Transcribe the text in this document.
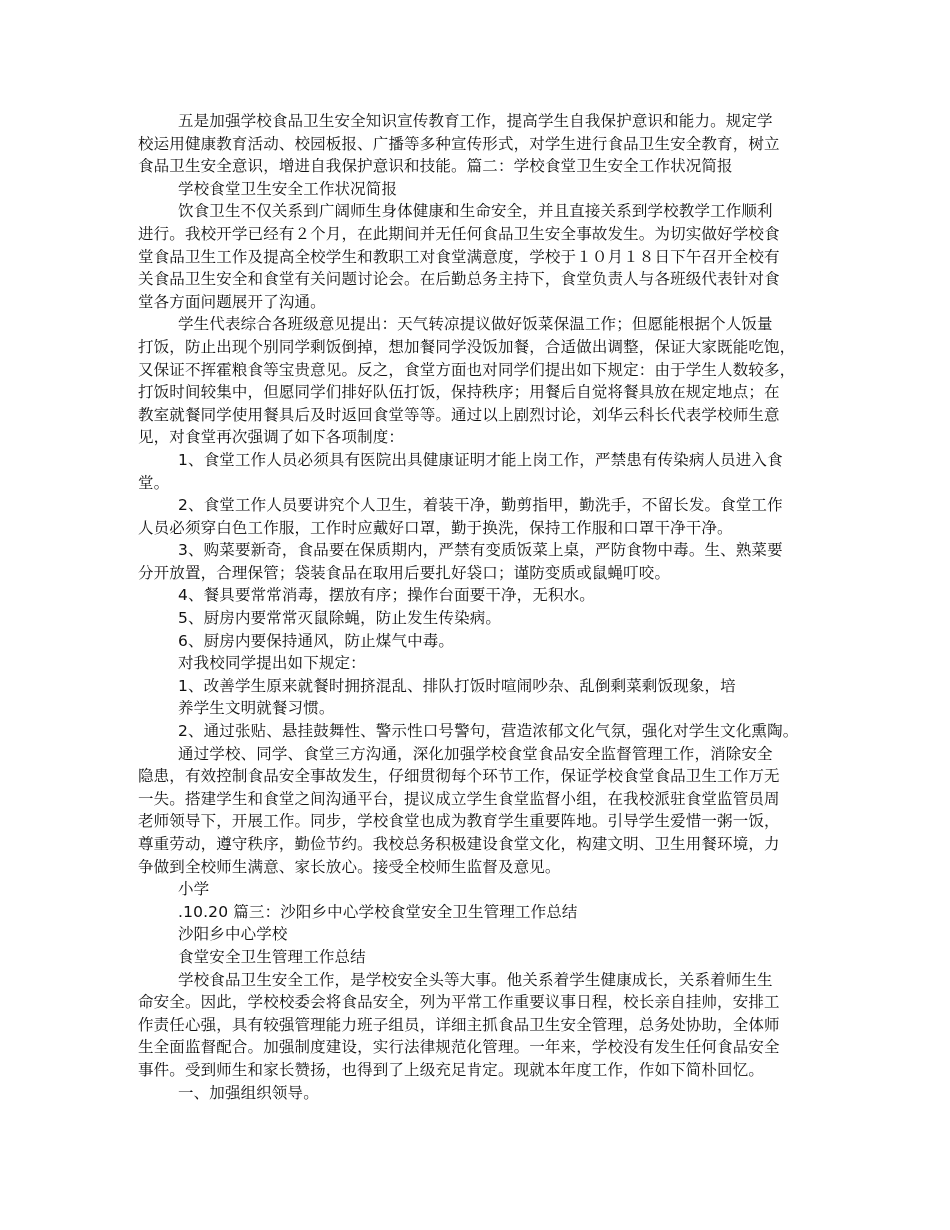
五是加强学校食品卫生安全知识宣传教育工作，提高学生自我保护意识和能力。规定学
校运用健康教育活动、校园板报、广播等多种宣传形式，对学生进行食品卫生安全教育，树立
食品卫生安全意识，增进自我保护意识和技能。篇二：学校食堂卫生安全工作状况简报
学校食堂卫生安全工作状况简报
饮食卫生不仅关系到广阔师生身体健康和生命安全，并且直接关系到学校教学工作顺利
进行。我校开学已经有２个月，在此期间并无任何食品卫生安全事故发生。为切实做好学校食
堂食品卫生工作及提高全校学生和教职工对食堂满意度，学校于１０月１８日下午召开全校有
关食品卫生安全和食堂有关问题讨论会。在后勤总务主持下，食堂负责人与各班级代表针对食
堂各方面问题展开了沟通。
学生代表综合各班级意见提出：天气转凉提议做好饭菜保温工作；但愿能根据个人饭量
打饭，防止出现个别同学剩饭倒掉，想加餐同学没饭加餐，合适做出调整，保证大家既能吃饱，
又保证不挥霍粮食等宝贵意见。反之，食堂方面也对同学们提出如下规定：由于学生人数较多，
打饭时间较集中，但愿同学们排好队伍打饭，保持秩序；用餐后自觉将餐具放在规定地点；在
教室就餐同学使用餐具后及时返回食堂等等。通过以上剧烈讨论，刘华云科长代表学校师生意
见，对食堂再次强调了如下各项制度：
1、食堂工作人员必须具有医院出具健康证明才能上岗工作，严禁患有传染病人员进入食
堂。
2、食堂工作人员要讲究个人卫生，着装干净，勤剪指甲，勤洗手，不留长发。食堂工作
人员必须穿白色工作服，工作时应戴好口罩，勤于换洗，保持工作服和口罩干净干净。
3、购菜要新奇，食品要在保质期内，严禁有变质饭菜上桌，严防食物中毒。生、熟菜要
分开放置，合理保管；袋装食品在取用后要扎好袋口；谨防变质或鼠蝇叮咬。
4、餐具要常常消毒，摆放有序；操作台面要干净，无积水。
5、厨房内要常常灭鼠除蝇，防止发生传染病。
6、厨房内要保持通风，防止煤气中毒。
对我校同学提出如下规定：
1、改善学生原来就餐时拥挤混乱、排队打饭时喧闹吵杂、乱倒剩菜剩饭现象，培
养学生文明就餐习惯。
2、通过张贴、悬挂鼓舞性、警示性口号警句，营造浓郁文化气氛，强化对学生文化熏陶。
通过学校、同学、食堂三方沟通，深化加强学校食堂食品安全监督管理工作，消除安全
隐患，有效控制食品安全事故发生，仔细贯彻每个环节工作，保证学校食堂食品卫生工作万无
一失。搭建学生和食堂之间沟通平台，提议成立学生食堂监督小组，在我校派驻食堂监管员周
老师领导下，开展工作。同步，学校食堂也成为教育学生重要阵地。引导学生爱惜一粥一饭，
尊重劳动，遵守秩序，勤俭节约。我校总务积极建设食堂文化，构建文明、卫生用餐环境，力
争做到全校师生满意、家长放心。接受全校师生监督及意见。
小学
.10.20 篇三：沙阳乡中心学校食堂安全卫生管理工作总结
沙阳乡中心学校
食堂安全卫生管理工作总结
学校食品卫生安全工作，是学校安全头等大事。他关系着学生健康成长，关系着师生生
命安全。因此，学校校委会将食品安全，列为平常工作重要议事日程，校长亲自挂帅，安排工
作责任心强，具有较强管理能力班子组员，详细主抓食品卫生安全管理，总务处协助，全体师
生全面监督配合。加强制度建设，实行法律规范化管理。一年来，学校没有发生任何食品安全
事件。受到师生和家长赞扬，也得到了上级充足肯定。现就本年度工作，作如下简朴回忆。
一、加强组织领导。
